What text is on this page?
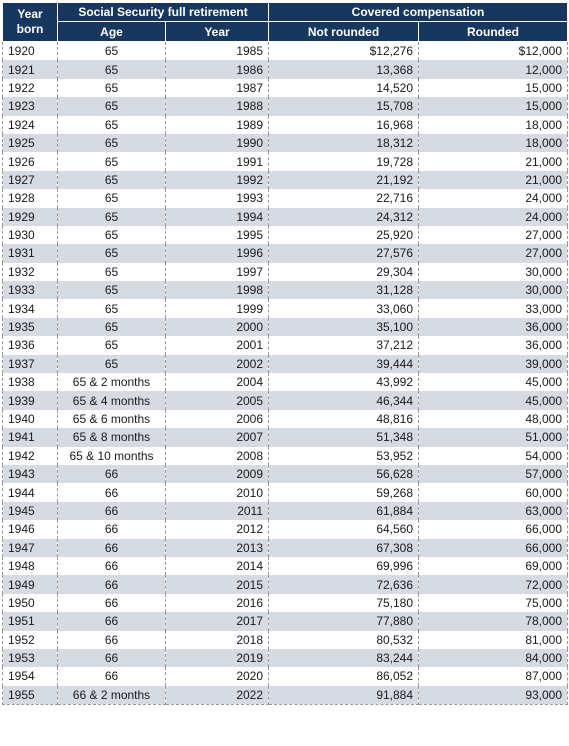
Year born	Social Security full retirement		Covered compensation	
	Age	Year	Not rounded	Rounded
1920	65	1985	$12,276	$12,000
1921	65	1986	13,368	12,000
1922	65	1987	14,520	15,000
1923	65	1988	15,708	15,000
1924	65	1989	16,968	18,000
1925	65	1990	18,312	18,000
1926	65	1991	19,728	21,000
1927	65	1992	21,192	21,000
1928	65	1993	22,716	24,000
1929	65	1994	24,312	24,000
1930	65	1995	25,920	27,000
1931	65	1996	27,576	27,000
1932	65	1997	29,304	30,000
1933	65	1998	31,128	30,000
1934	65	1999	33,060	33,000
1935	65	2000	35,100	36,000
1936	65	2001	37,212	36,000
1937	65	2002	39,444	39,000
1938	65 & 2 months	2004	43,992	45,000
1939	65 & 4 months	2005	46,344	45,000
1940	65 & 6 months	2006	48,816	48,000
1941	65 & 8 months	2007	51,348	51,000
1942	65 & 10 months	2008	53,952	54,000
1943	66	2009	56,628	57,000
1944	66	2010	59,268	60,000
1945	66	2011	61,884	63,000
1946	66	2012	64,560	66,000
1947	66	2013	67,308	66,000
1948	66	2014	69,996	69,000
1949	66	2015	72,636	72,000
1950	66	2016	75,180	75,000
1951	66	2017	77,880	78,000
1952	66	2018	80,532	81,000
1953	66	2019	83,244	84,000
1954	66	2020	86,052	87,000
1955	66 & 2 months	2022	91,884	93,000
